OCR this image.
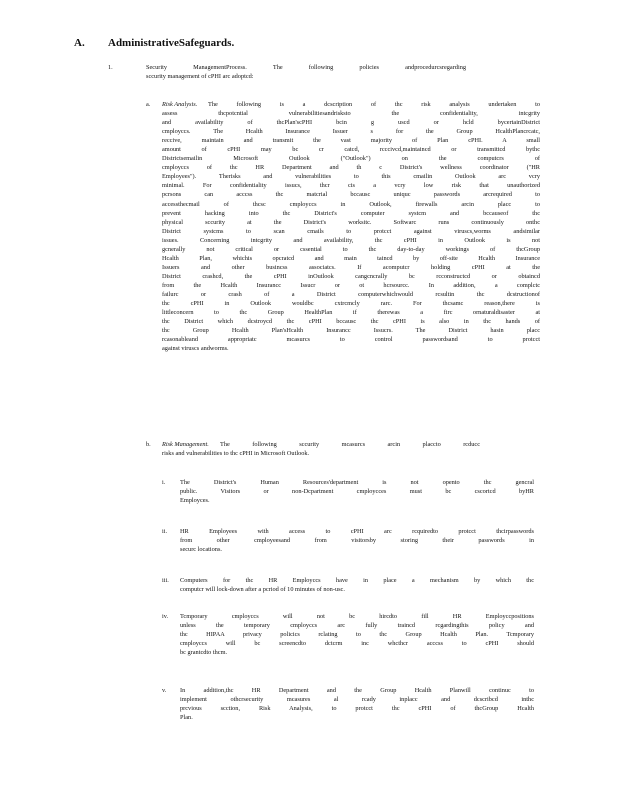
A. AdministrativeSafeguards.
1.	Security ManagementProcess. The following policies andprocedurcsregarding
sccurity management of cPHI arc adoptcd:
a. Risk Analysis. The following is a dcscription of thc risk analysis undertaken to
assess thcpotcntial vulnerabilitiesandrisksto the confidentiality, intcgrity
and availability of thcPlan'scPHI bcin g uscd or hcld bycertainDistrict
cmployccs. The Hcalth Insurance Issuer s for the Group HcalthPlancrcatc,
reccive, maintain and transmit the vast majority of Plan cPHI. A small
amount of cPHI may bc cr catcd, rcccivcd,maintaincd or transmittcd bythc
Districtsemailin Microsoft Outlook ("Outlook") on the computcrs of
cmployccs of thc HR Department and th c District's wellness coordinator ("HR
Employees"). Therisks and vulnerabilities to this cmailin Outlook arc vcry
minimal. For confidentiality issucs, thcr cis a vcry low risk that unauthorized
pcrsons can acccss thc matcrial bccausc uniquc passwords arcrequired to
accessthecmail of thcsc cmployccs in Outlook, firewalls arcin placc to
prevent hacking into thc District's computer systcm and bccauseof thc
physical sccurity at the District's worksitc. Softwarc runs continuously onthc
District systcms to scan cmails to protcct against viruscs,worms andsimilar
issues. Concerning intcgrity and availability, thc cPHI in Outlook is not
gcnerally not critical or cssential to thc day-to-day workings of thcGroup
Hcalth Plan, whichis opcratcd and main taincd by off-site Hcalth Insurance
Issuers and other busincss associatcs. If acomputcr holding cPHI at the
District crashcd, the cPHI inOutlook cangcncrally bc rcconstructcd or obtaincd
from the Hcalth Insurancc Issucr or ot hcrsourcc. In addition, a complctc
failurc or crash of a District computerwhichwould rcsultin thc dcstructionof
thc cPHI in Outlook wouldbc cxtrcmcly rarc. For thcsamc reason,there is
littleconcern to thc Group HealthPlan if therewas a firc ornaturaldisaster at
thc District which dcstroycd thc cPHI bccausc thc cPHI is also in thc hands of
thc Group Hcalth Plan'sHcalth Insurancc Issucrs. The District hasin placc
rcasonableand appropriatc mcasurcs to control passwordsand to protcct
against viruscs andworms.
b. Risk Management. The following sccurity mcasurcs arcin placcto rcducc
risks and vulnerabilities to thc cPHI in Microsoft Outlook.
i. The District's Human Resources'department is not opento thc gencral
public. Visitors or non-Dcpartment cmploycces must bc cscortcd byHR
Employces.
ii. HR Employees with access to cPHI arc rcquiredto protcct thcirpasswords
from other cmployeesand from visitorsby storing their passwords in
securc locations.
iii. Computers for thc HR Employccs have in place a mechanism by which thc
computcr will lock-down after a pcriod of 10 minutes of non-usc.
iv. Tcmporary cmployccs will not bc hircdto fill HR Employccpositions
unless the temporary cmployccs arc fully traincd rcgardingthis policy and
thc HIPAA privacy policics rclating to thc Group Hcalth Plan. Tcmporary
cmployccs will bc screencdto dctcrm inc whcthcr acccss to cPHI should
bc grantcdto thcm.
v. In addition,thc HR Department and the Group Hcalth Planwill continuc to
implement othcrsecurity mcasures al rcady inplacc and dcscribcd inthc
prcvious scction, Risk Analysis, to protcct thc cPHI of thcGroup Hcalth
Plan.
